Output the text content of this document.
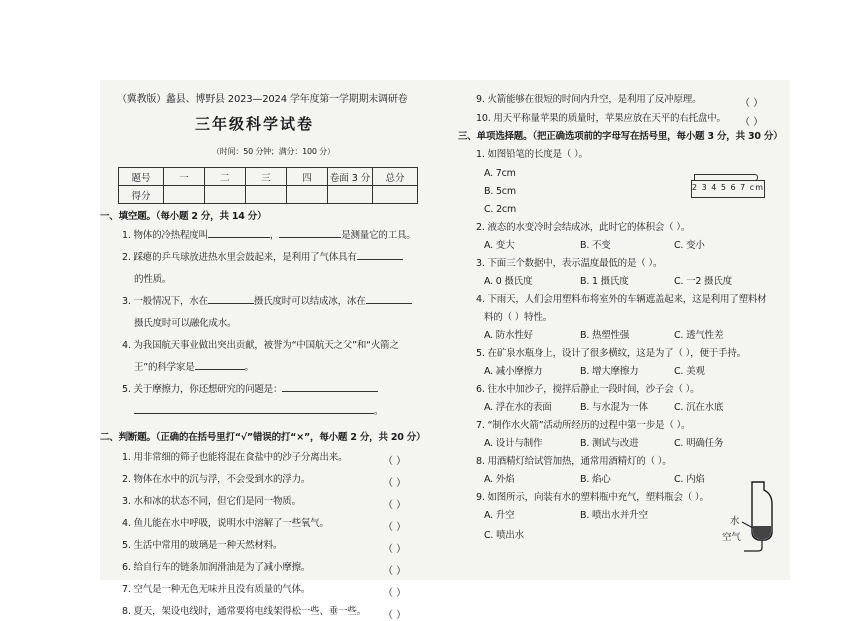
（冀教版）蠡县、博野县 2023—2024 学年度第一学期期末调研卷
三年级科学试卷
（时间：50 分钟；满分：100 分）
题号	一	二	三	四	卷面 3 分	总分
得分						
一、填空题。（每小题 2 分，共 14 分）
1. 物体的冷热程度叫	，	是测量它的工具。
2. 踩瘪的乒乓球放进热水里会鼓起来，是利用了气体具有
的性质。
3. 一般情况下，水在	摄氏度时可以结成冰，冰在
摄氏度时可以融化成水。
4. 为我国航天事业做出突出贡献，被誉为“中国航天之父”和“火箭之
王”的科学家是	。
5. 关于摩擦力，你还想研究的问题是：
。
二、判断题。（正确的在括号里打“√”错误的打“×”，每小题 2 分，共 20 分）
1. 用非常细的筛子也能将混在食盐中的沙子分离出来。	（ ）
2. 物体在水中的沉与浮，不会受到水的浮力。	（ ）
3. 水和冰的状态不同，但它们是同一物质。	（ ）
4. 鱼儿能在水中呼吸，说明水中溶解了一些氧气。	（ ）
5. 生活中常用的玻璃是一种天然材料。	（ ）
6. 给自行车的链条加润滑油是为了减小摩擦。	（ ）
7. 空气是一种无色无味并且没有质量的气体。	（ ）
8. 夏天，架设电线时，通常要将电线架得松一些、垂一些。 （ ）
9. 火箭能够在很短的时间内升空，是利用了反冲原理。	（ ）
10. 用天平称量苹果的质量时，苹果应放在天平的右托盘中。 （ ）
三、单项选择题。（把正确选项前的字母写在括号里，每小题 3 分，共 30 分）
1. 如图铅笔的长度是（ ）。
A. 7cm
B. 5cm
C. 2cm
2 3 4 5 6 7 cm
2. 液态的水变冷时会结成冰，此时它的体积会（ ）。
A. 变大	B. 不变	C. 变小
3. 下面三个数据中，表示温度最低的是（ ）。
A. 0 摄氏度	B. 1 摄氏度	C. 一2 摄氏度
4. 下雨天，人们会用塑料布将室外的车辆遮盖起来，这是利用了塑料材
料的（ ）特性。
A. 防水性好	B. 热塑性强	C. 透气性差
5. 在矿泉水瓶身上，设计了很多横纹，这是为了（ ），便于手持。
A. 减小摩擦力	B. 增大摩擦力	C. 美观
6. 往水中加沙子，搅拌后静止一段时间，沙子会（ ）。
A. 浮在水的表面	B. 与水混为一体	C. 沉在水底
7. “制作水火箭”活动所经历的过程中第一步是（ ）。
A. 设计与制作	B. 测试与改进	C. 明确任务
8. 用酒精灯给试管加热，通常用酒精灯的（ ）。
A. 外焰	B. 焰心	C. 内焰
9. 如图所示，向装有水的塑料瓶中充气，塑料瓶会（ ）。
A. 升空	B. 喷出水并升空
C. 喷出水
水
空气
